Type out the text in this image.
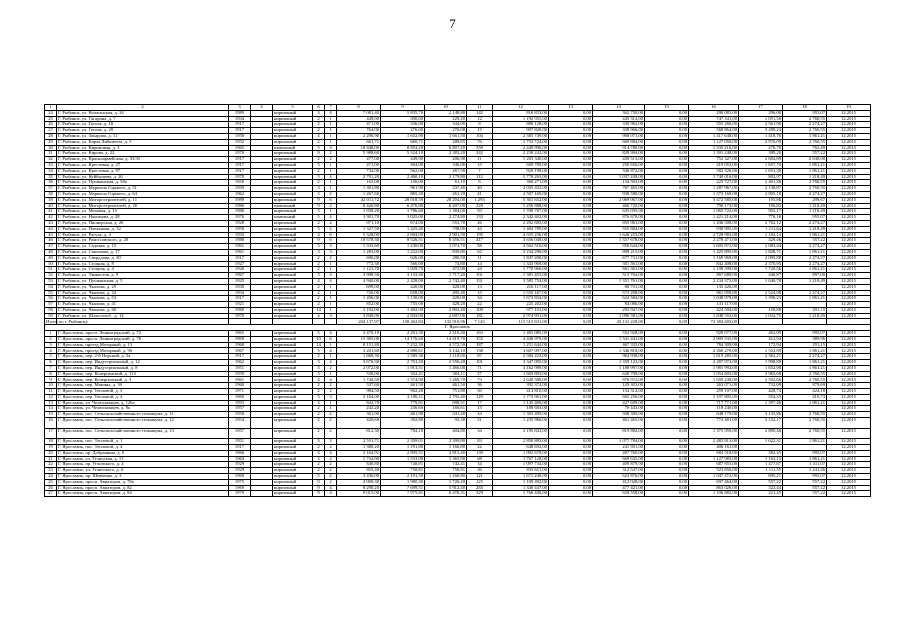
7
1	2	3	4	5	6	7	8	9	10	11	12	13	14	15	16	17	18	19
24	Г. Рыбинск, ул. Волжанская, д. 34	1989		кирпичный	3	4	7 081,40	5 835,70	2 148,80	142	810 833,00	0,00	362 750,00	0,00	298 083,00	296,00	955,07	12.2015
25	Г. Рыбинск, ул. Гагарина, д. 7	1934		кирпичный	2	1	449,00	390,00	229,20	12	1 192 955,00	0,00	445 314,00	0,00	747 541,00	1 051,56	2 760,55	12.2015
26	Г. Рыбинск, ул. Гоголя, д. 18	1917		кирпичный	2	1	471,00	336,00	344,00	8	886 128,00	0,00	330 962,00	0,00	555 266,00	2 561,96	2 274,27	12.2015
27	Г. Рыбинск, ул. Гоголя, д. 29	1917		кирпичный	2	1	764,00	276,00	276,00	15	907 820,00	0,00	338 966,00	0,00	568 864,00	3 289,24	2 760,55	12.2015
28	Г. Рыбинск, ул. Захарова, д. 11	1950		кирпичный	4	1	2 296,90	1 652,90	1 661,50	104	2 385 749,00	0,00	968 071,00	0,00	1 417 648,00	1 418,76	1 861,21	12.2015
29	Г. Рыбинск, ул. Карла Либкнехта, д. 5	1952		кирпичный	2	1	661,71	660,71	288,65	76	1 752 724,00	0,00	669 884,00	0,00	1 127 050,00	2 976,09	2 760,55	12.2015
30	Г. Рыбинск, ул. Кирпичная, д. 3	1965		панельный	5	3	10 446,00	8 853,20	6 807,20	359	2 449 996,00	0,00	914 780,00	0,00	1 535 216,00	276,70	762,49	12.2015
31	Г. Рыбинск, ул. Кирова, д. 22	1970		кирпичный	9	2	5 988,60	5 324,10	2 382,20	242	2 230 242,00	0,00	828 994,00	0,00	1 391 248,00	389,20	557,22	12.2015
32	Г. Рыбинск, ул. Красноармейская, д. 33/35	1917		кирпичный	2	2	477,00	449,90	206,90	11	1 203 340,00	0,00	450 513,00	0,00	752 327,00	2 684,89	2 630,00	12.2015
33	Г. Рыбинск, ул. Крестовая, д. 27	1917		кирпичный	3	1	471,00	404,00	346,00	15	669 709,00	0,00	250 656,00	0,00	419 053,00	1 657,70	1 861,21	12.2015
34	Г. Рыбинск, ул. Крестовая, д. 97	1917		кирпичный	2	1	734,00	562,00	267,50	7	929 198,00	0,00	346 872,00	0,00	582 326,00	1 653,38	1 861,21	12.2015
35	Г. Рыбинск, ул. Куйбышева, д. 26	1970		кирпичный	5	4	2 701,20	2 460,10	2 179,80	112	2 778 265,00	0,00	1 037 249,00	0,00	1 740 016,00	802,97	1 218,49	12.2015
36	Г. Рыбинск, ул. Пушкинская, д. 58а	1950		кирпичный	2	1	162,00	156,00	61,10	6	360 271,00	0,00	134 503,00	0,00	225 727,00	2 401,36	2 760,55	12.2015
37	Г. Рыбинск, ул. Маршала Горького, д. 51	1939		кирпичный	3	1	1 301,80	961,90	237,40	40	2 055 432,00	0,00	767 465,00	0,00	1 287 967,00	2 138,87	2 760,55	12.2015
38	Г. Рыбинск, ул. Маршала Горького, д. 64	1962		кирпичный	3	2	1 267,60	865,20	261,20	41	2 507 169,00	0,00	938 580,00	0,00	1 573 169,00	2 905,18	2 274,27	12.2015
39	Г. Рыбинск, ул. Моторостроителей, д. 11	1989		кирпичный	9	6	42 011,72	28 018,39	28 204,00	1 293	5 361 652,00	0,00	2 069 067,00	0,00	3 472 585,00	195,86	299,67	12.2015
40	Г. Рыбинск, ул. Моторостроителей, д. 20	1986		панельный	9	2	8 426,80	6 476,90	6 207,00	229	1 256 888,00	0,00	466 725,00	0,00	790 173,00	196,82	1 218,49	12.2015
41	Г. Рыбинск, ул. Моховая, д. 15	1986		кирпичный	3	1	1 938,20	1 786,60	1 384,00	93	1 700 767,00	0,00	635 035,00	0,00	1 065 722,00	952,17	1 218,49	12.2015
42	Г. Рыбинск, ул. Нахимова, д. 28	1976		панельный	5	4	3 301,70	3 025,00	2 274,80	133	2 342 402,00	0,00	876 678,00	0,00	1 421 214,00	776,16	955,07	12.2015
43	Г. Рыбинск, ул. Пионерская, д. 26	1928		кирпичный	2	2	971,10	674,00	553,70	26	2 292 685,00	0,00	855 961,00	0,00	1 436 508,00	2 762,12	2 274,27	12.2015
44	Г. Рыбинск, ул. Плеханова, д. 32	1958		кирпичный	3	2	1 327,50	1 225,40	798,00	44	1 484 789,00	0,00	555 884,00	0,00	938 905,00	1 211,64	1 218,49	12.2015
45	Г. Рыбинск, ул. Расула, д. 4	1933		кирпичный	4	6	5 328,00	2 684,00	2 901,50	195	4 355 236,00	0,00	1 626 253,00	0,00	2 728 983,00	1 182,14	1 861,21	12.2015
46	Г. Рыбинск, ул. Рокоссовского, д. 20	1988		кирпичный	9	6	10 578,30	8 526,51	8 456,51	417	3 656 049,00	0,00	1 357 678,00	0,00	2 278 471,00	429,46	557,22	12.2015
47	Г. Рыбинск, ул. Садовая, д. 15	1961		кирпичный	3	3	1 335,60	1 230,00	1 074,70	58	2 562 516,00	0,00	956 644,00	0,00	1 605 872,00	2 083,44	2 274,27	12.2015
48	Г. Рыбинск, ул. Самохина, д. 17	1961		кирпичный	3	3	1 283,00	1 222,00	839,80	62	2 234 290,00	0,00	809 215,00	0,00	1 425 895,00	1 828,71	1 861,21	12.2015
49	Г. Рыбинск, ул. Свердлова, д. 30	1917		кирпичный	2	2	696,00	626,00	286,50	11	1 847 200,00	0,00	677 731,00	0,00	1 169 969,00	2 095,88	2 274,27	12.2015
50	Г. Рыбинск, ул. Стоцкая, д. 8	1927		кирпичный	2	1	772,30	566,00	74,80	14	1 343 969,00	0,00	501 561,00	0,00	842 408,00	2 370,95	2 274,27	12.2015
51	Г. Рыбинск, ул. Стоцкая, д. 4	1920		кирпичный	2	1	1 121,70	1 029,70	475,90	24	1 770 960,00	0,00	661 361,00	0,00	1 109 599,00	1 720,56	1 861,21	12.2015
52	Г. Рыбинск, ул. Танкистов, д. 9	1967		кирпичный	3	3	3 988,50	3 133,40	1 717,20	101	1 381 453,00	0,00	513 764,00	0,00	867 689,00	440,87	897,00	12.2015
53	Г. Рыбинск, ул. Пушкинская, д. 5	1925		кирпичный	4	4	4 940,00	2 428,00	2 742,40	131	3 585 754,00	0,00	1 351 761,00	0,00	2 234 373,00	1 040,78	1 218,49	12.2015
54	Г. Рыбинск, ул. Чкалова, д. 25	1930		кирпичный	2	1	699,00	420,00	420,00	13	216 117,00	0,00	80 701,00	0,00	135 426,00			12.2015
55	Г. Рыбинск, ул. Чкалова, д. 24	1934		кирпичный	2	1	726,00	658,00	495,40	15	1 535 167,00	0,00	573 208,00	0,00	961 959,00	2 524,98	2 274,27	12.2015
56	Г. Рыбинск, ул. Чкалова, д. 53	1917		кирпичный	2	1	1 206,00	1 130,00	420,00	34	1 673 834,00	0,00	624 584,00	0,00	1 048 979,00	1 396,23	1 861,21	12.2015
57	Г. Рыбинск, ул. Чкалова, д. 41	1921		кирпичный	2	1	852,00	755,00	428,20	22	225 202,00	0,00	84 086,00	0,00	141 117,00			12.2015
58	Г. Рыбинск, ул. Чкалова, д. 68	1980		кирпичный	14	1	3 192,00	1 492,00	2 802,40	109	977 191,00	0,00	292 947,00	0,00	424 504,00	150,88	291,15	12.2015
59	Г. Рыбинск, ул. Шлиссельб.. д. 14	1970		кирпичный	4	3	3 849,00	2 843,00	2 607,00	181	2 974 931,00	0,00	1 096 581,00	0,00	1 848 553,00	1 032,75	1 218,49	12.2015
Итого по г. Рыбинску							204 137,97	158 262,84	133 910,96	7 143	115 515 631,00	0,00	43 131 228,00	0,00	72 384 403,00			
Г. Ярославль																		
1	Г. Ярославль, просп. Ленинградский, д. 72	1965		кирпичный	5	4	3 470,10	2 201,30	2 510,40	163	1 481 085,00	0,00	552 928,00	0,00	928 077,00	462,09	995,07	12.2015
2	Г. Ярославль, просп. Ленинградский, д. 76	1969		кирпичный	10	6	15 365,00	14 176,60	14 419,70	355	4 446 976,00	0,00	1 541 441,00	0,00	2 905 535,00	412,94	389,96	12.2015
3	Г. Ярославль, проезд Моторный, д. 13	1968		кирпичный	14	1	8 151,40	7 232,30	4 572,50	187	1 251 644,00	0,00	467 335,00	0,00	784 309,00	172,94	291,15	12.2015
4	Г. Ярославль, проезд Моторный, д. 9б	1967		кирпичный	5	4	3 201,60	2 880,61	3 142,10	138	3 607 097,00	0,00	1 346 818,00	0,00	2 260 279,00	1 552,89	1 861,21	12.2015
5	Г. Ярославль, пер. 2-й Норский, д. 5а	1917		кирпичный	2	1	1 668,30	1 585,30	1 110,00	87	2 584 223,00	0,00	964 938,00	0,00	1 619 285,00	2 362,21	2 274,27	12.2015
6	Г. Ярославль, пер. Индустриальный, д. 12	1962		кирпичный	3	2	3 676,30	2 791,20	2 556,20	101	3 347 095,00	0,00	1 359 123,00	0,00	2 287 972,00	1 998,89	1 861,21	12.2015
7	Г. Ярославль, пер. Индустриальный, д. 8	1951		кирпичный	3	2	2 072,00	1 913,51	1 466,00	71	3 162 989,00	0,00	1 180 997,00	0,00	1 981 992,00	1 652,98	1 861,21	12.2015
8	Г. Ярославль, пер. Кочергинский, д. 113	1959		кирпичный	3	1	530,00	352,21	304,11	27	1 683 893,00	0,00	628 799,00	0,00	1 054 603,00	3 965,68	2 760,55	12.2015
9	Г. Ярославль, пер. Кочергинский, д. 3	1961		кирпичный	4	4	1 744,50	1 574,90	1 269,70	73	2 640 580,00	0,00	976 972,00	0,00	1 659 238,00	2 592,66	2 760,55	12.2015
10	Г. Ярославль, пер. Минина, д. 3б	1960		кирпичный	2	2	537,60	461,50	461,50	36	392 374,00	0,00	129 303,00	0,00	263 071,00	732,09	879,69	12.2015
11	Г. Ярославль, пер. Тепловой, д. 3	1971		кирпичный	2	2	984,50	962,20	751,80	50	413 810,00	0,00	154 312,00	0,00	259 107,00	428,74	424,18	12.2015
12	Г. Ярославль, пер. Тепловой, д. 4	1969		кирпичный	3	3	3 164,00	2 106,11	2 792,40	129	1 773 961,00	0,00	665 256,00	0,00	1 107 805,00	554,33	416,73	12.2015
13	Г. Ярославль, ул. Челюскинцев, д. 126а	1955		кирпичный	3	1	842,70	779,81	698,51	17	1 145 400,00	0,00	427 609,00	0,00	717 771,00	1 397,46	1 861,21	12.2015
14	Г. Ярославль, ул. Челюскинцев, д. 8а	1957		кирпичный	2	1	242,20	236,60	166,61	13	188 683,00	0,00	70 443,00	0,00	118 240,00			12.2015
15	Г. Ярославль, пос. Сельскохозяйственного техникума, д. 11	1950		кирпичный	2	2	561,90	461,90	541,40	34	1 393 499,00	0,00	508 300,00	0,00	848 179,00	3 135,86	2 760,55	12.2015
16	Г. Ярославль, пос. Сельскохозяйственного техникума, д. 12	1954		кирпичный	2	2	420,60	392,80	93,30	31	1 235 966,00	0,00	461 465,00	0,00	774 481,00	3 152,17	2 760,55	12.2015
17	Г. Ярославль, пос. Сельскохозяйственного техникума, д. 13	1957		кирпичный	2	2	812,30	784,10	404,80	34	2 195 843,00	0,00	819 884,00	0,00	1 375 959,00	2 800,46	2 760,55	12.2015
18	Г. Ярославль, пос. Тепловой, д. 1	1951		кирпичный	3	3	2 551,71	2 359,01	2 399,80	83	2 850 883,00	0,00	1 077 784,00	0,00	2 482 913,00	1 622,31	1 861,21	12.2015
19	Г. Ярославль, пос. Тепловой, д. 4	1917		кирпичный	2	2	1 380,20	1 191,80	1 166,80	22	648 692,00	0,00	241 931,00	0,00	406 161,00			12.2015
20	Г. Ярославль, пр. Добрынина, д. 6	1966		кирпичный	4	4	3 164,91	2 895,51	2 815,40	139	1 092 678,00	0,00	407 760,00	0,00	684 518,00	382,45	995,07	12.2015
21	Г. Ярославль, ул. Угличская, д. 13	1964		кирпичный	3	2	1 754,90	1 533,90	1 365,90	68	1 767 128,00	0,00	669 635,00	0,00	1 127 983,00	1 163,15	1 861,21	12.2015
22	Г. Ярославль, пр. Угличского, д. 4	1929		кирпичный	2	2	840,80	748,81	742,41	34	1 097 734,00	0,00	409 879,00	0,00	687 855,00	1 477,87	1 311,07	12.2015
23	Г. Ярославль, ул. Угличского, д. 6	1929		кирпичный	2	2	855,40	758,81	758,81	36	835 651,00	0,00	312 547,00	0,00	523 856,00	1 111,55	1 241,26	12.2015
24	Г. Ярославль, пр. Шевченко, д. 3	1969		кирпичный	5	2	3 436,00	2 191,50	1 166,80	121	1 671 248,00	0,00	623 876,00	0,00	1 047 472,00	695,21	995,07	12.2015
25	Г. Ярославль, просп. Авиаторов, д. 78а	1975		кирпичный	9	2	2 000,30	1 980,30	1 726,20	125	1 109 492,00	0,00	412 028,00	0,00	697 464,00	557,22	557,22	12.2015
26	Г. Ярославль, просп. Авиаторов, д. 82	1969		кирпичный	9	4	8 290,20	7 699,51	5 912,40	283	1 340 447,00	0,00	477 421,00	0,00	863 026,00	322,44	557,22	12.2015
27	Г. Ярославль, просп. Авиаторов, д. 84	1970		кирпичный	9	4	9 015,00	7 975,81	6 476,31	329	1 766 440,00	0,00	659 558,00	0,00	1 106 882,00	221,45	557,22	12.2015
